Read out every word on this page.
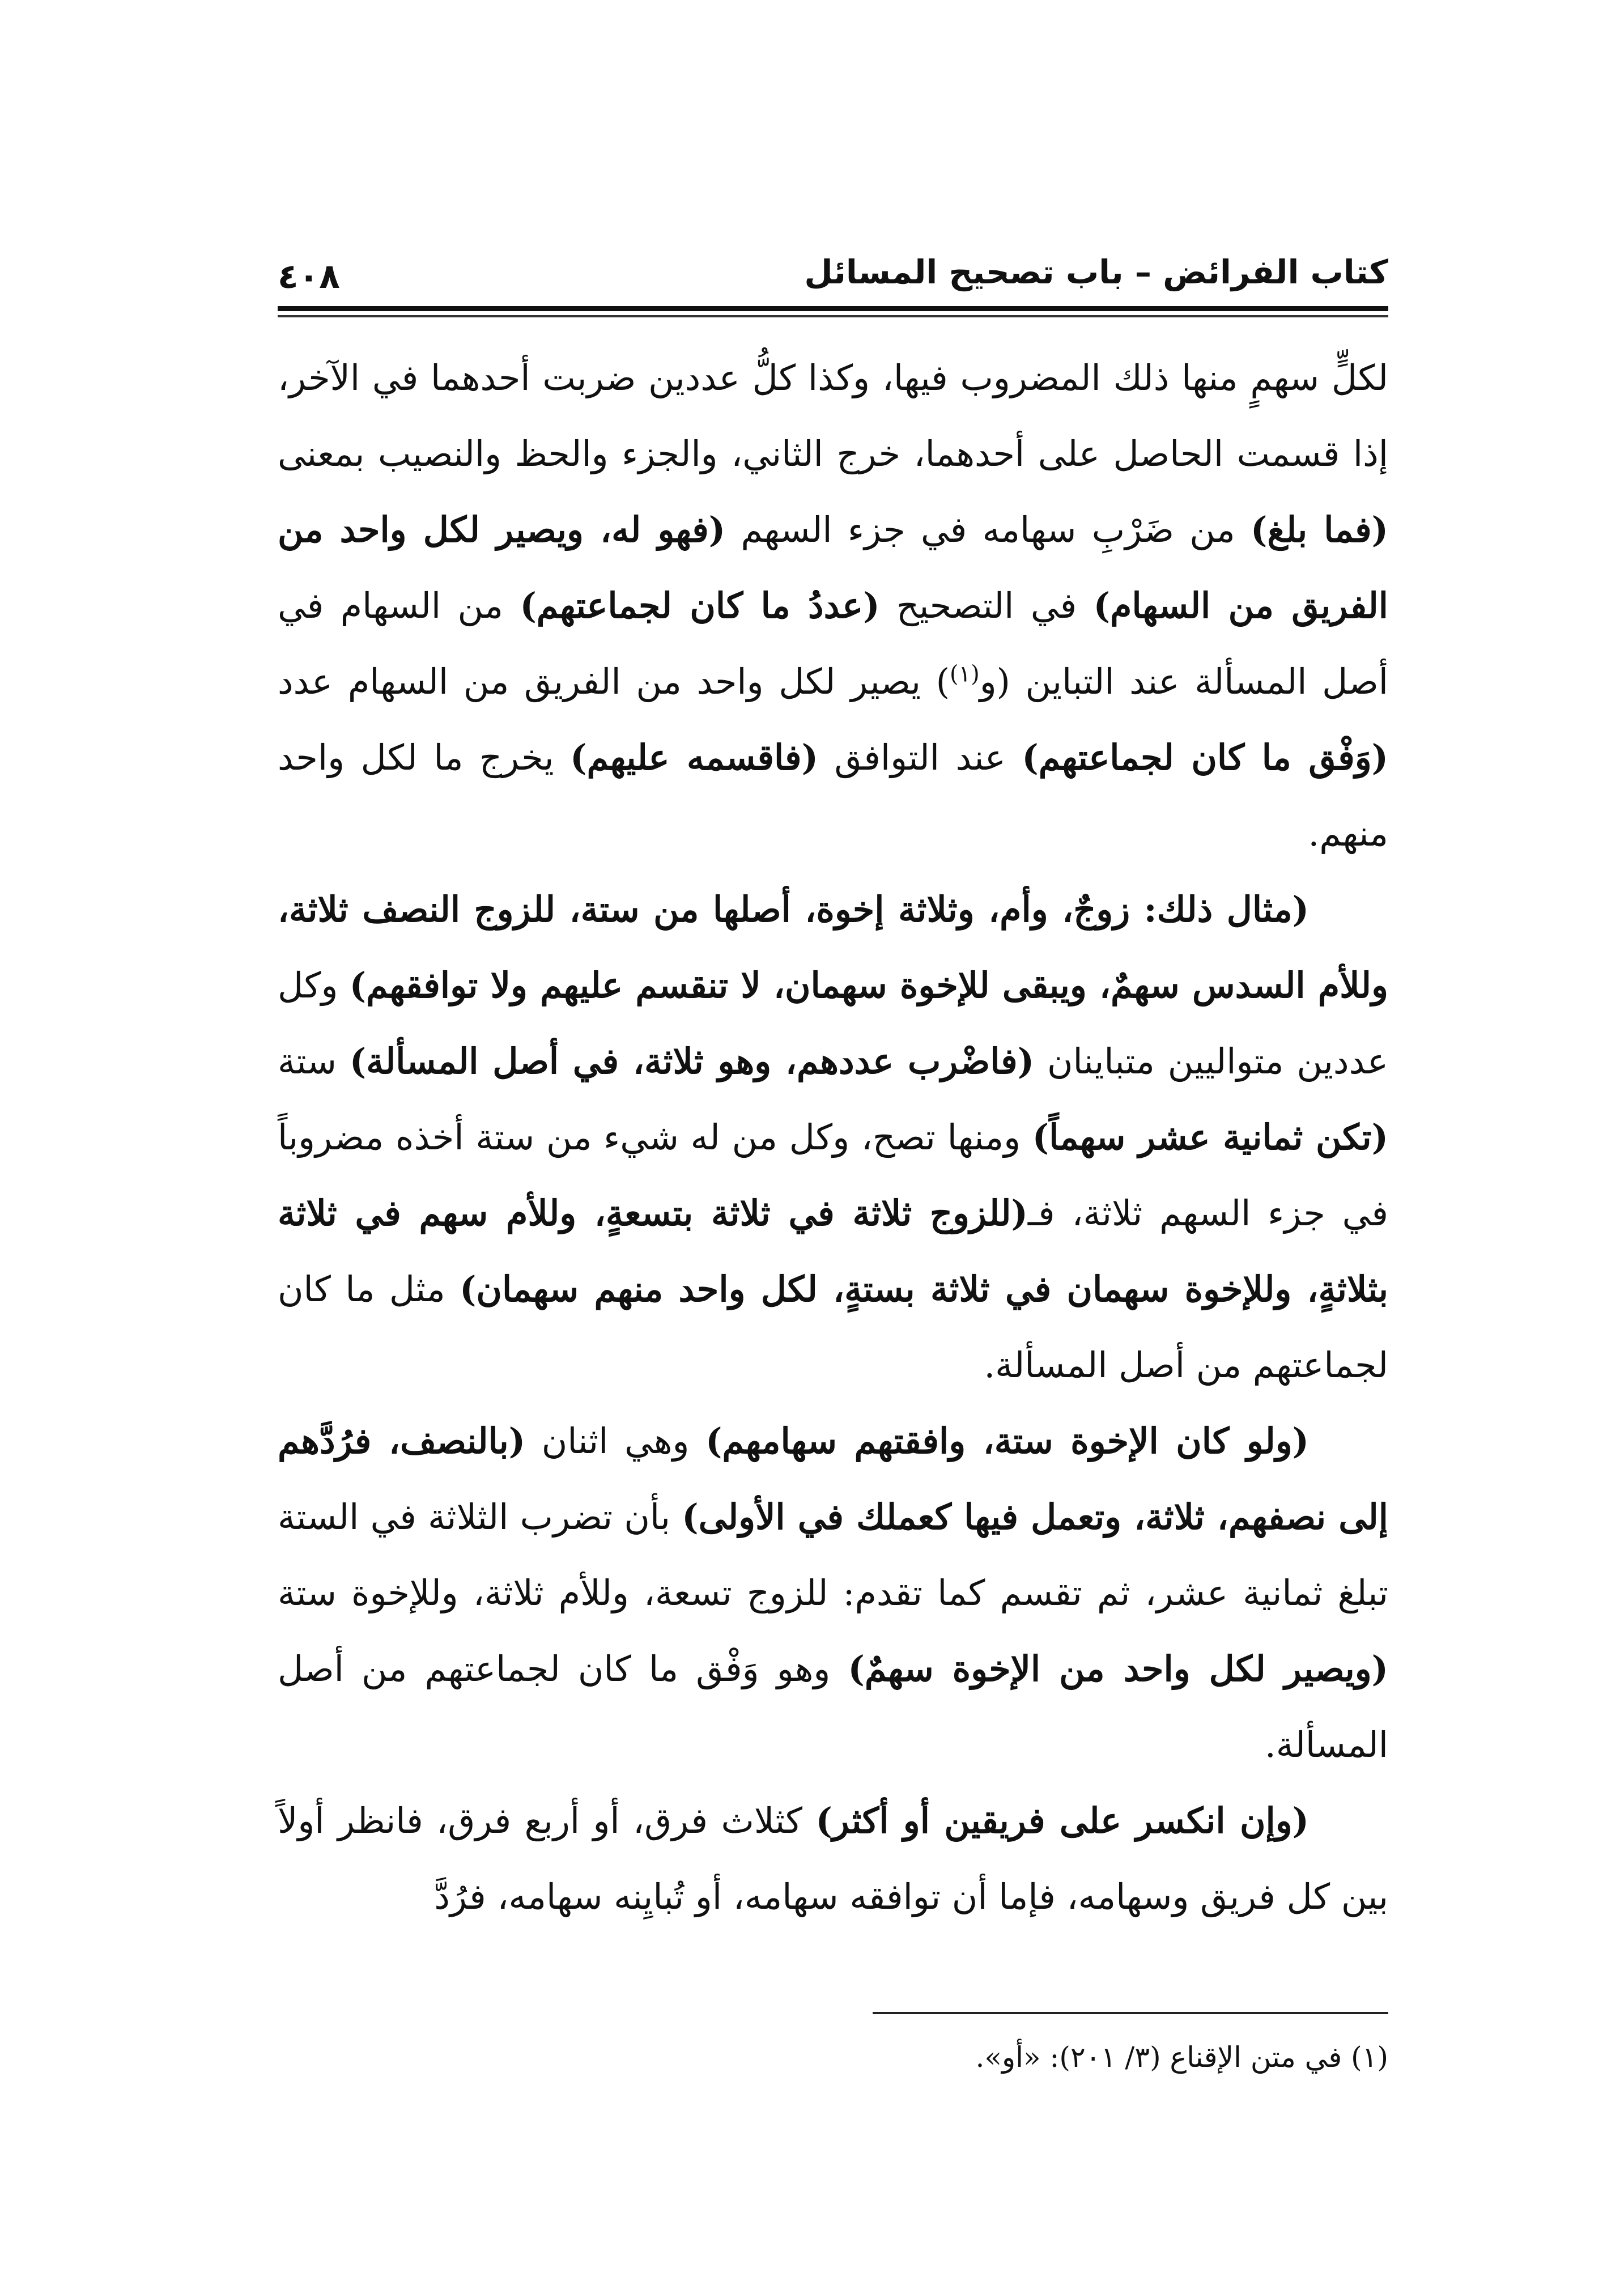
كتاب الفرائض – باب تصحيح المسائل
٤٠٨

لكلٍّ سهمٍ منها ذلك المضروب فيها، وكذا كلُّ عددين ضربت أحدهما في الآخر، إذا قسمت الحاصل على أحدهما، خرج الثاني، والجزء والحظ والنصيب بمعنى (فما بلغ) من ضَرْبِ سهامه في جزء السهم (فهو له، ويصير لكل واحد من الفريق من السهام) في التصحيح (عددُ ما كان لجماعتهم) من السهام في أصل المسألة عند التباين (و$^{(١)}$) يصير لكل واحد من الفريق من السهام عدد (وَفْق ما كان لجماعتهم) عند التوافق (فاقسمه عليهم) يخرج ما لكل واحد منهم.

(مثال ذلك: زوجٌ، وأم، وثلاثة إخوة، أصلها من ستة، للزوج النصف ثلاثة، وللأم السدس سهمٌ، ويبقى للإخوة سهمان، لا تنقسم عليهم ولا توافقهم) وكل عددين متواليين متباينان (فاضْرب عددهم، وهو ثلاثة، في أصل المسألة) ستة (تكن ثمانية عشر سهماً) ومنها تصح، وكل من له شيء من ستة أخذه مضروباً في جزء السهم ثلاثة، فـ(للزوج ثلاثة في ثلاثة بتسعةٍ، وللأم سهم في ثلاثة بثلاثةٍ، وللإخوة سهمان في ثلاثة بستةٍ، لكل واحد منهم سهمان) مثل ما كان لجماعتهم من أصل المسألة.

(ولو كان الإخوة ستة، وافقتهم سهامهم) وهي اثنان (بالنصف، فرُدَّهم إلى نصفهم، ثلاثة، وتعمل فيها كعملك في الأولى) بأن تضرب الثلاثة في الستة تبلغ ثمانية عشر، ثم تقسم كما تقدم: للزوج تسعة، وللأم ثلاثة، وللإخوة ستة (ويصير لكل واحد من الإخوة سهمٌ) وهو وَفْق ما كان لجماعتهم من أصل المسألة.

(وإن انكسر على فريقين أو أكثر) كثلاث فرق، أو أربع فرق، فانظر أولاً بين كل فريق وسهامه، فإما أن توافقه سهامه، أو تُبايِنه سهامه، فرُدَّ

(١) في متن الإقناع (٣/ ٢٠١): «أو».
